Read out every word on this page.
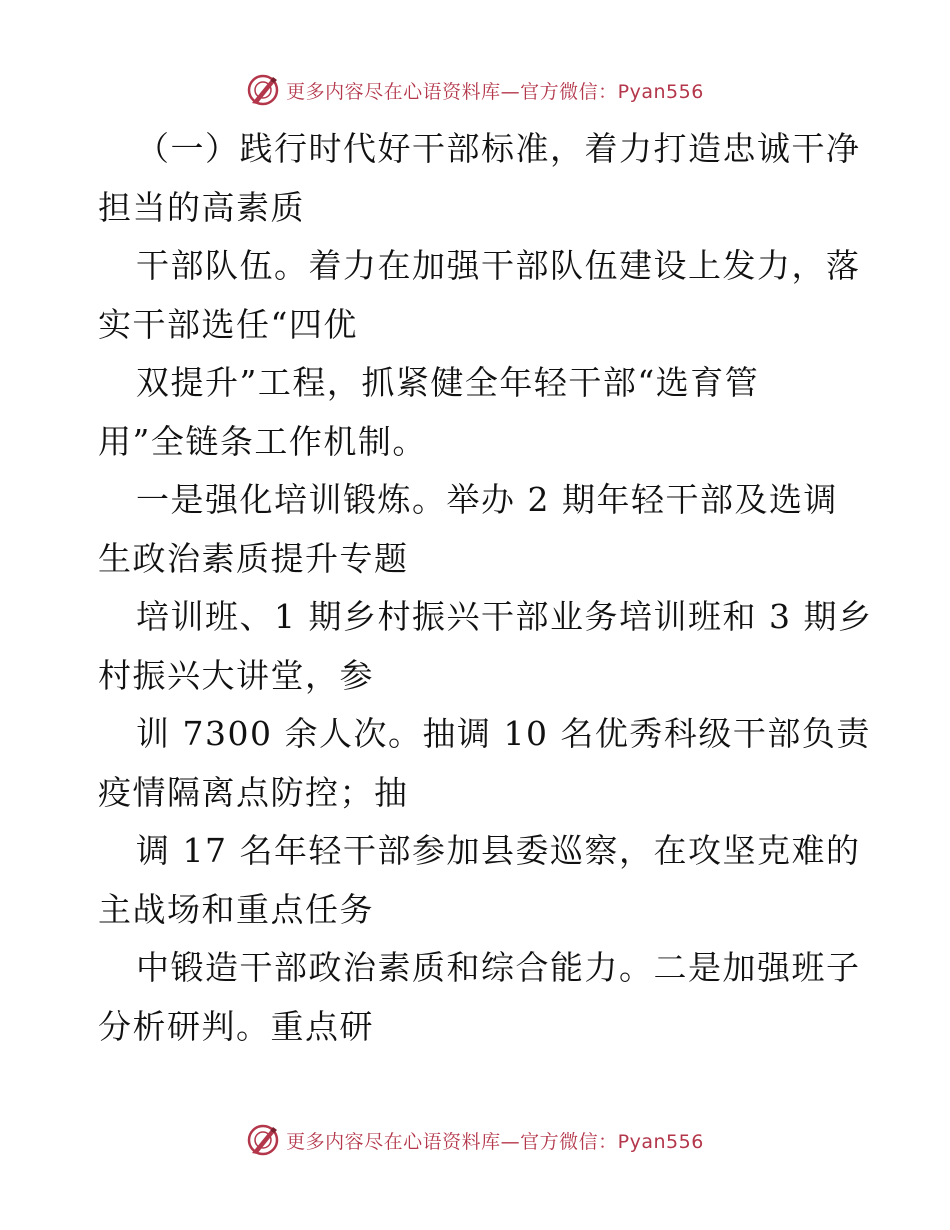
更多内容尽在心语资料库—官方微信：Pyan556
（一）践行时代好干部标准，着力打造忠诚干净
担当的高素质
干部队伍。着力在加强干部队伍建设上发力，落
实干部选任“四优
双提升”工程，抓紧健全年轻干部“选育管
用”全链条工作机制。
一是强化培训锻炼。举办 2 期年轻干部及选调
生政治素质提升专题
培训班、1 期乡村振兴干部业务培训班和 3 期乡
村振兴大讲堂，参
训 7300 余人次。抽调 10 名优秀科级干部负责
疫情隔离点防控；抽
调 17 名年轻干部参加县委巡察，在攻坚克难的
主战场和重点任务
中锻造干部政治素质和综合能力。二是加强班子
分析研判。重点研
更多内容尽在心语资料库—官方微信：Pyan556
